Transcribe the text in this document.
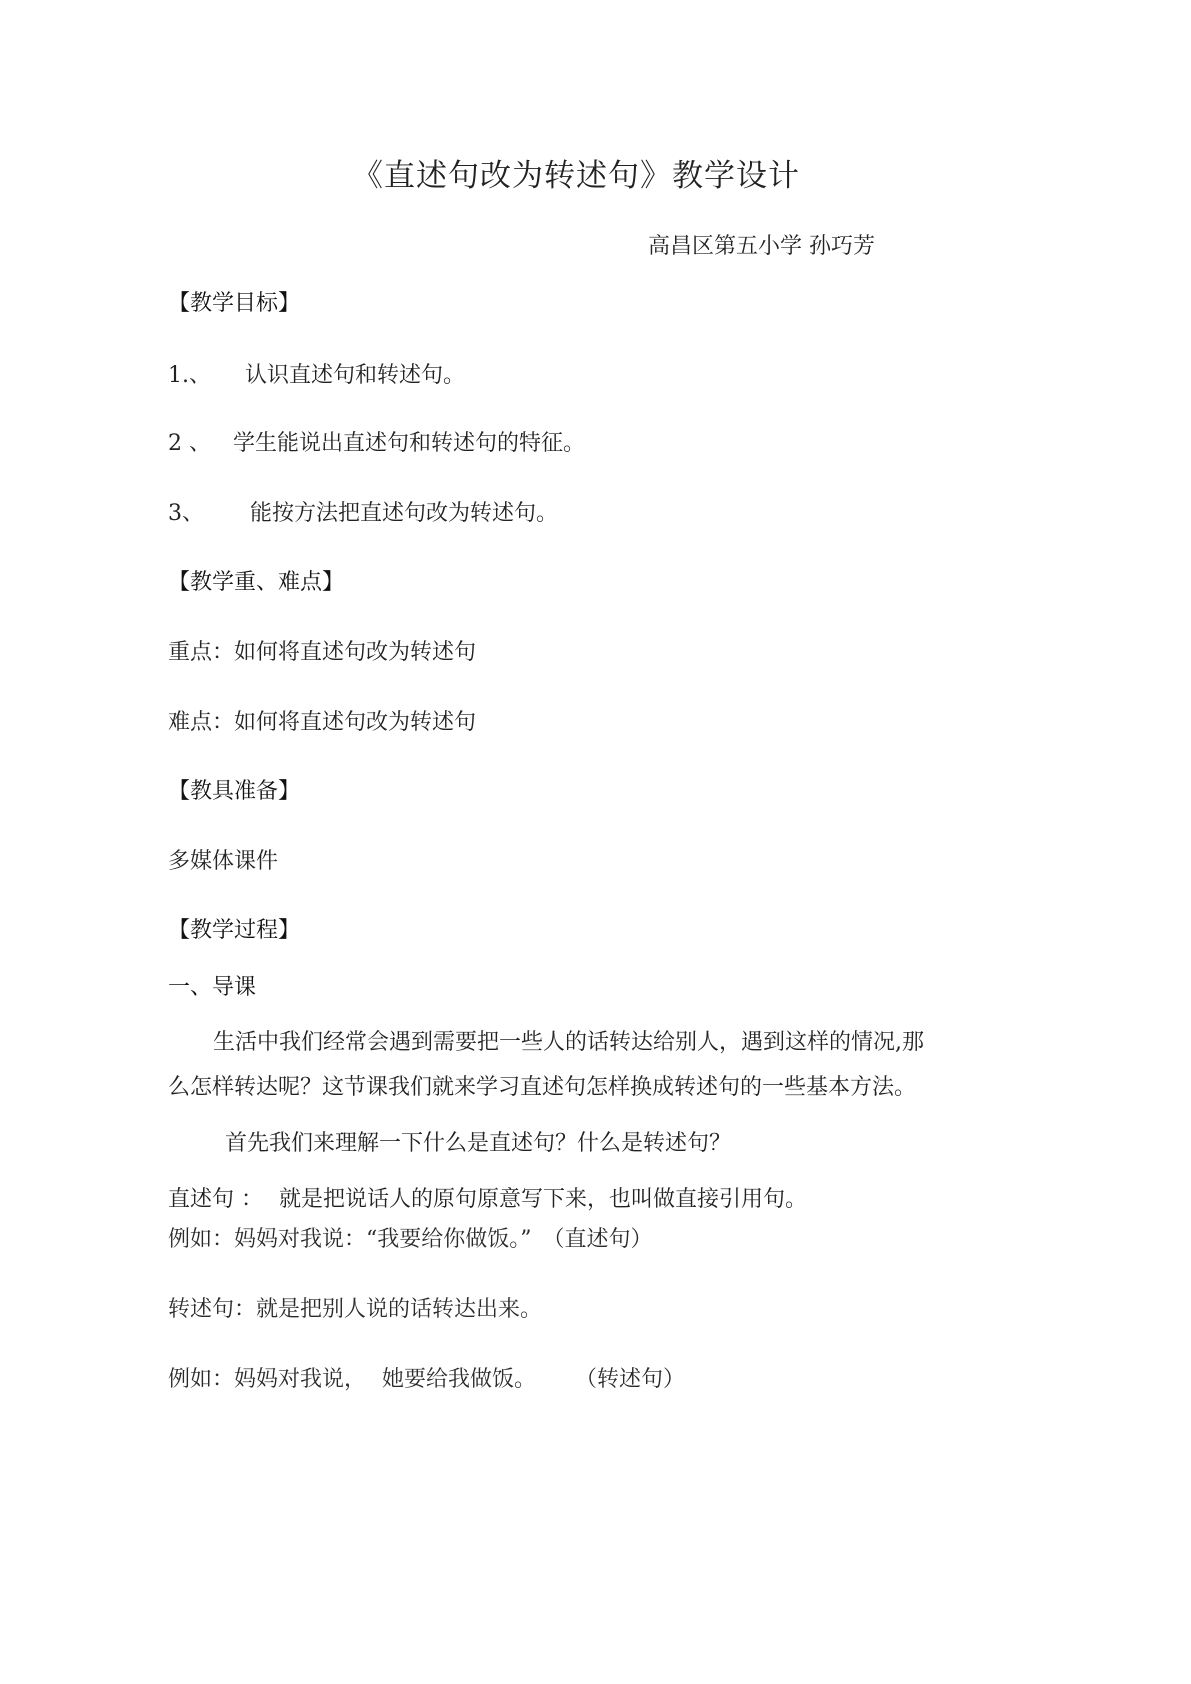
《直述句改为转述句》教学设计
高昌区第五小学 孙巧芳
【教学目标】
1.、 认识直述句和转述句。
2 、 学生能说出直述句和转述句的特征。
3、 能按方法把直述句改为转述句。
【教学重、难点】
重点：如何将直述句改为转述句
难点：如何将直述句改为转述句
【教具准备】
多媒体课件
【教学过程】
一、导课
生活中我们经常会遇到需要把一些人的话转达给别人，遇到这样的情况,那
么怎样转达呢？这节课我们就来学习直述句怎样换成转述句的一些基本方法。
首先我们来理解一下什么是直述句？什么是转述句？
直述句 ： 就是把说话人的原句原意写下来，也叫做直接引用句。
例如：妈妈对我说：“我要给你做饭。” （直述句）
转述句：就是把别人说的话转达出来。
例如：妈妈对我说， 她要给我做饭。 （转述句）
